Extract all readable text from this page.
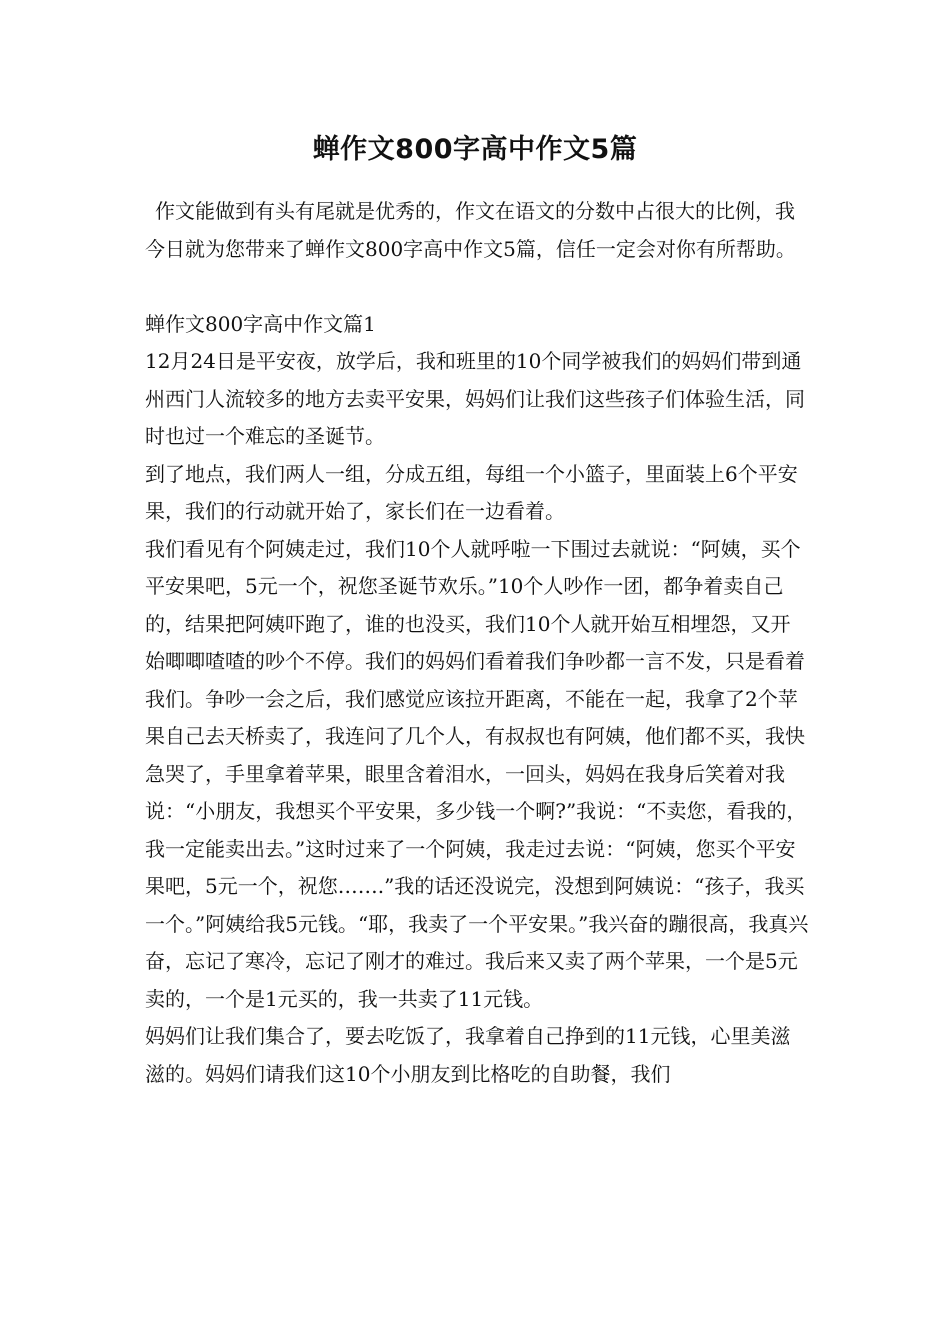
蝉作文800字高中作文5篇

作文能做到有头有尾就是优秀的，作文在语文的分数中占很大的比例，我今日就为您带来了蝉作文800字高中作文5篇，信任一定会对你有所帮助。

蝉作文800字高中作文篇1

12月24日是平安夜，放学后，我和班里的10个同学被我们的妈妈们带到通州西门人流较多的地方去卖平安果，妈妈们让我们这些孩子们体验生活，同时也过一个难忘的圣诞节。

到了地点，我们两人一组，分成五组，每组一个小篮子，里面装上6个平安果，我们的行动就开始了，家长们在一边看着。

我们看见有个阿姨走过，我们10个人就呼啦一下围过去就说：“阿姨，买个平安果吧，5元一个，祝您圣诞节欢乐。”10个人吵作一团，都争着卖自己的，结果把阿姨吓跑了，谁的也没买，我们10个人就开始互相埋怨，又开始唧唧喳喳的吵个不停。我们的妈妈们看着我们争吵都一言不发，只是看着我们。争吵一会之后，我们感觉应该拉开距离，不能在一起，我拿了2个苹果自己去天桥卖了，我连问了几个人，有叔叔也有阿姨，他们都不买，我快急哭了，手里拿着苹果，眼里含着泪水，一回头，妈妈在我身后笑着对我说：“小朋友，我想买个平安果，多少钱一个啊?”我说：“不卖您，看我的，我一定能卖出去。”这时过来了一个阿姨，我走过去说：“阿姨，您买个平安果吧，5元一个，祝您…….”我的话还没说完，没想到阿姨说：“孩子，我买一个。”阿姨给我5元钱。“耶，我卖了一个平安果。”我兴奋的蹦很高，我真兴奋，忘记了寒冷，忘记了刚才的难过。我后来又卖了两个苹果，一个是5元卖的，一个是1元买的，我一共卖了11元钱。

妈妈们让我们集合了，要去吃饭了，我拿着自己挣到的11元钱，心里美滋滋的。妈妈们请我们这10个小朋友到比格吃的自助餐，我们
